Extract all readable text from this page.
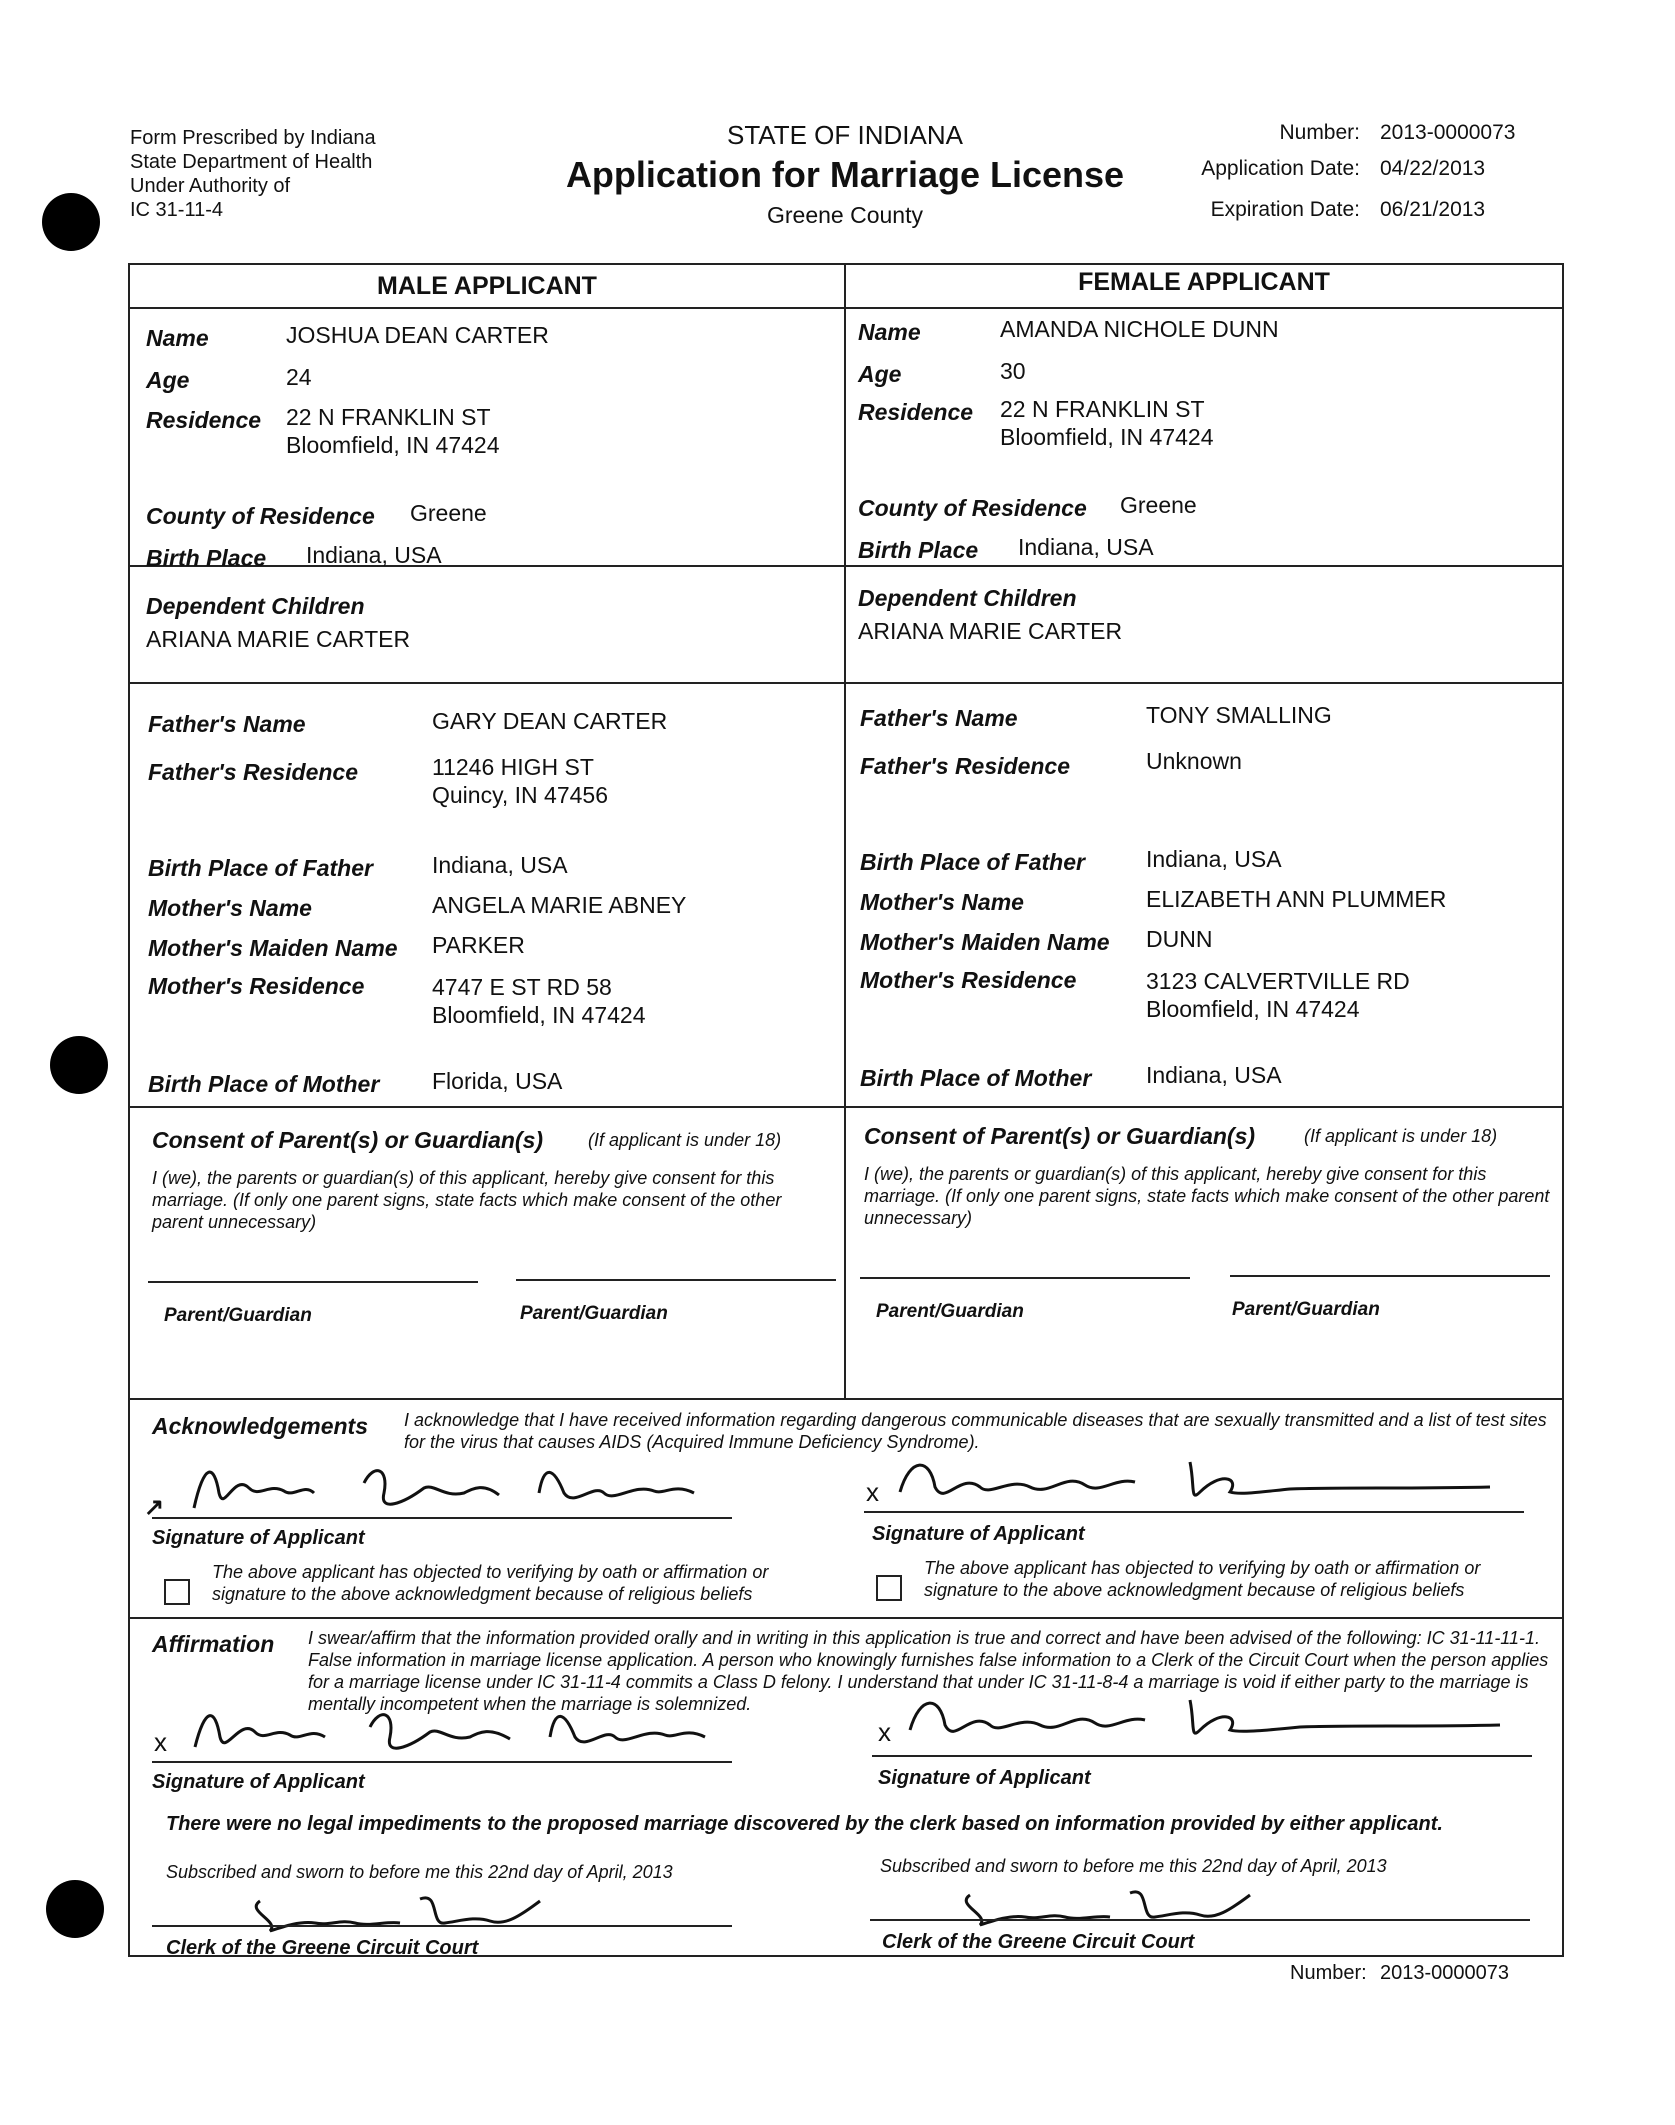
Form Prescribed by Indiana
State Department of Health
Under Authority of
IC 31-11-4
STATE OF INDIANA
Application for Marriage License
Greene County
Number: 2013-0000073
Application Date: 04/22/2013
Expiration Date: 06/21/2013
MALE APPLICANT	FEMALE APPLICANT
Name	JOSHUA DEAN CARTER
Age	24
Residence 22 N FRANKLIN ST
Bloomfield, IN 47424
County of Residence Greene
Birth Place Indiana, USA
Dependent Children
ARIANA MARIE CARTER
Father's Name	GARY DEAN CARTER
Father's Residence	11246 HIGH ST
Quincy, IN 47456
Birth Place of Father	Indiana, USA
Mother's Name	ANGELA MARIE ABNEY
Mother's Maiden Name PARKER
Mother's Residence	4747 E ST RD 58
Bloomfield, IN 47424
Birth Place of Mother Florida, USA
Name	AMANDA NICHOLE DUNN
Age	30
Residence 22 N FRANKLIN ST
Bloomfield, IN 47424
County of Residence Greene
Birth Place Indiana, USA
Dependent Children
ARIANA MARIE CARTER
Father's Name	TONY SMALLING
Father's Residence	Unknown
Birth Place of Father	Indiana, USA
Mother's Name	ELIZABETH ANN PLUMMER
Mother's Maiden Name DUNN
Mother's Residence	3123 CALVERTVILLE RD
Bloomfield, IN 47424
Birth Place of Mother Indiana, USA
Consent of Parent(s) or Guardian(s) (If applicant is under 18)
I (we), the parents or guardian(s) of this applicant, hereby give consent for this marriage. (If only one parent signs, state facts which make consent of the other parent unnecessary)
Parent/Guardian	Parent/Guardian
Consent of Parent(s) or Guardian(s)	(If applicant is under 18)
I (we), the parents or guardian(s) of this applicant, hereby give consent for this marriage. (If only one parent signs, state facts which make consent of the other parent unnecessary)
Parent/Guardian	Parent/Guardian
Acknowledgements I acknowledge that I have received information regarding dangerous communicable diseases that are sexually transmitted and a list of test sites for the virus that causes AIDS (Acquired Immune Deficiency Syndrome).
↗
Signature of Applicant
The above applicant has objected to verifying by oath or affirmation or signature to the above acknowledgment because of religious beliefs
x
Signature of Applicant
The above applicant has objected to verifying by oath or affirmation or signature to the above acknowledgment because of religious beliefs
Affirmation I swear/affirm that the information provided orally and in writing in this application is true and correct and have been advised of the following: IC 31-11-11-1. False information in marriage license application. A person who knowingly furnishes false information to a Clerk of the Circuit Court when the person applies for a marriage license under IC 31-11-4 commits a Class D felony. I understand that under IC 31-11-8-4 a marriage is void if either party to the marriage is mentally incompetent when the marriage is solemnized.
x
Signature of Applicant
x
Signature of Applicant
There were no legal impediments to the proposed marriage discovered by the clerk based on information provided by either applicant.
Subscribed and sworn to before me this 22nd day of April, 2013
Clerk of the Greene Circuit Court
Subscribed and sworn to before me this 22nd day of April, 2013
Clerk of the Greene Circuit Court
Number: 2013-0000073
